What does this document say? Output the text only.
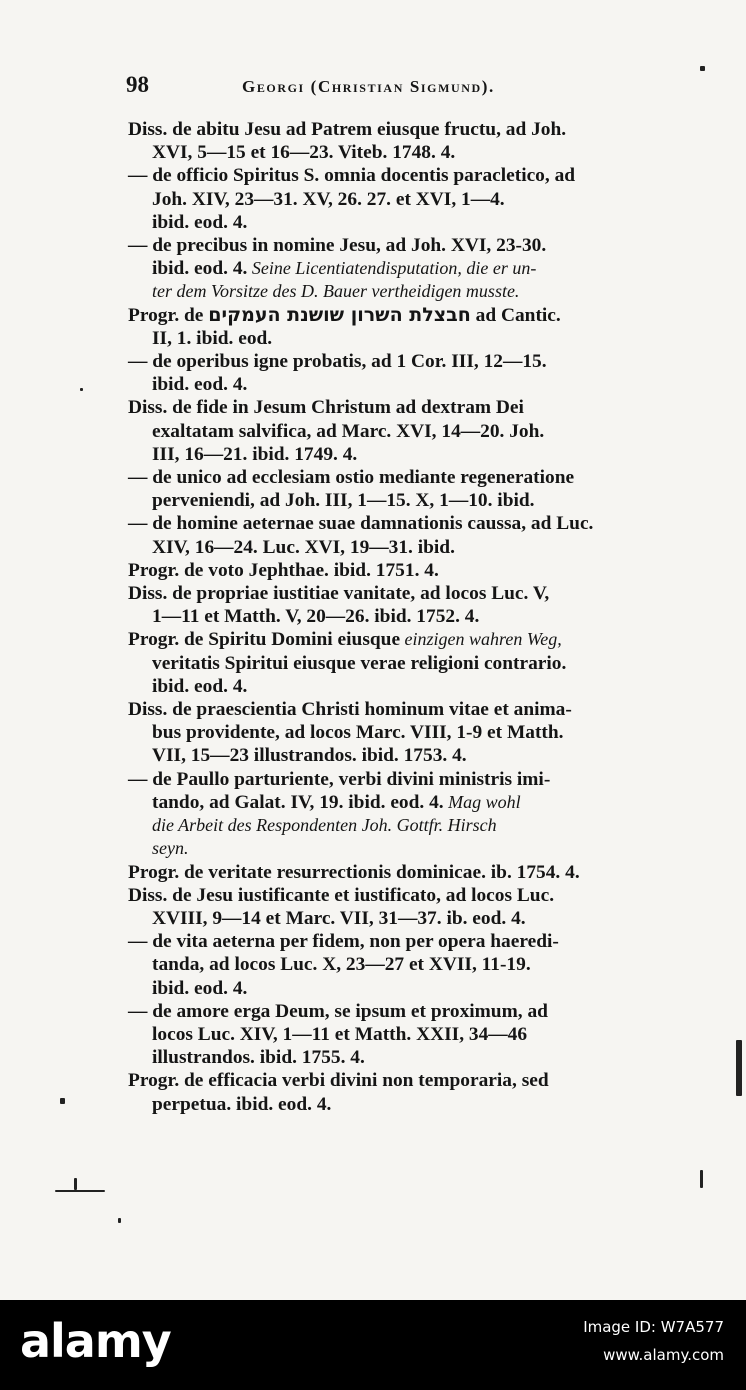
98	Georgi (Christian Sigmund).
Diss. de abitu Jesu ad Patrem eiusque fructu, ad Joh.
XVI, 5—15 et 16—23. Viteb. 1748. 4.
— de officio Spiritus S. omnia docentis paracletico, ad
Joh. XIV, 23—31. XV, 26. 27. et XVI, 1—4.
ibid. eod. 4.
— de precibus in nomine Jesu, ad Joh. XVI, 23-30.
ibid. eod. 4. Seine Licentiatendisputation, die er un-
ter dem Vorsitze des D. Bauer vertheidigen musste.
Progr. de חבצלת השרון שושנת העמקים ad Cantic.
II, 1. ibid. eod.
— de operibus igne probatis, ad 1 Cor. III, 12—15.
ibid. eod. 4.
Diss. de fide in Jesum Christum ad dextram Dei
exaltatam salvifica, ad Marc. XVI, 14—20. Joh.
III, 16—21. ibid. 1749. 4.
— de unico ad ecclesiam ostio mediante regeneratione
perveniendi, ad Joh. III, 1—15. X, 1—10. ibid.
— de homine aeternae suae damnationis caussa, ad Luc.
XIV, 16—24. Luc. XVI, 19—31. ibid.
Progr. de voto Jephthae. ibid. 1751. 4.
Diss. de propriae iustitiae vanitate, ad locos Luc. V,
1—11 et Matth. V, 20—26. ibid. 1752. 4.
Progr. de Spiritu Domini eiusque einzigen wahren Weg,
veritatis Spiritui eiusque verae religioni contrario.
ibid. eod. 4.
Diss. de praescientia Christi hominum vitae et anima-
bus providente, ad locos Marc. VIII, 1-9 et Matth.
VII, 15—23 illustrandos. ibid. 1753. 4.
— de Paullo parturiente, verbi divini ministris imi-
tando, ad Galat. IV, 19. ibid. eod. 4. Mag wohl
die Arbeit des Respondenten Joh. Gottfr. Hirsch
seyn.
Progr. de veritate resurrectionis dominicae. ib. 1754. 4.
Diss. de Jesu iustificante et iustificato, ad locos Luc.
XVIII, 9—14 et Marc. VII, 31—37. ib. eod. 4.
— de vita aeterna per fidem, non per opera haeredi-
tanda, ad locos Luc. X, 23—27 et XVII, 11-19.
ibid. eod. 4.
— de amore erga Deum, se ipsum et proximum, ad
locos Luc. XIV, 1—11 et Matth. XXII, 34—46
illustrandos. ibid. 1755. 4.
Progr. de efficacia verbi divini non temporaria, sed
perpetua. ibid. eod. 4.
alamy	Image ID: W7A577
www.alamy.com
